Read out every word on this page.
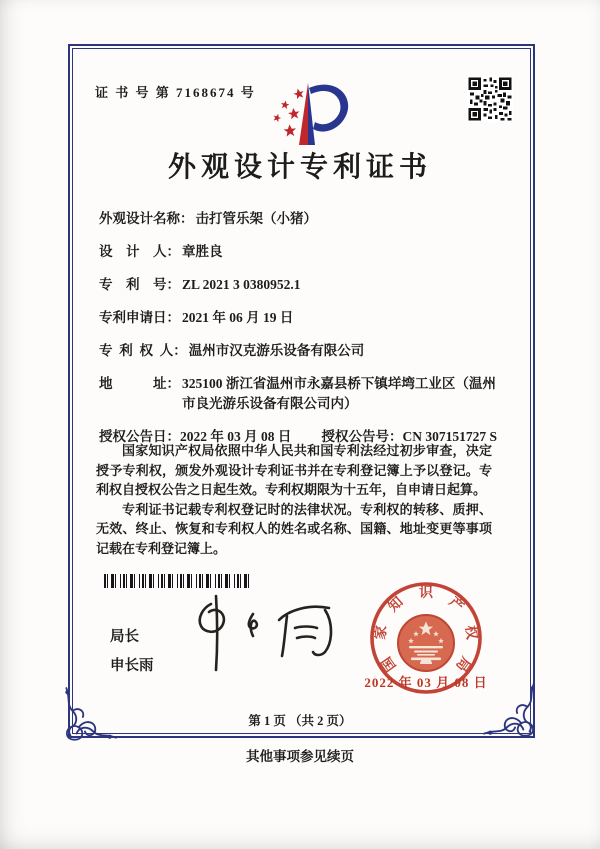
证 书 号 第 7168674 号
外观设计专利证书
外观设计名称： 击打管乐架（小猪）
设    计    人： 章胜良
专    利    号： ZL 2021 3 0380952.1
专利申请日： 2021 年 06 月 19 日
专  利  权  人： 温州市汉克游乐设备有限公司
地            址： 325100 浙江省温州市永嘉县桥下镇垟塆工业区（温州市良光游乐设备有限公司内）
授权公告日：2022 年 03 月 08 日 授权公告号：CN 307151727 S

国家知识产权局依照中华人民共和国专利法经过初步审查，决定授予专利权，颁发外观设计专利证书并在专利登记簿上予以登记。专利权自授权公告之日起生效。专利权期限为十五年，自申请日起算。

专利证书记载专利权登记时的法律状况。专利权的转移、质押、无效、终止、恢复和专利权人的姓名或名称、国籍、地址变更等事项记载在专利登记簿上。

局长
申长雨	国
家
知
识
产
权
局
2022 年 03 月 08 日
第 1 页 （共 2 页）
其他事项参见续页
